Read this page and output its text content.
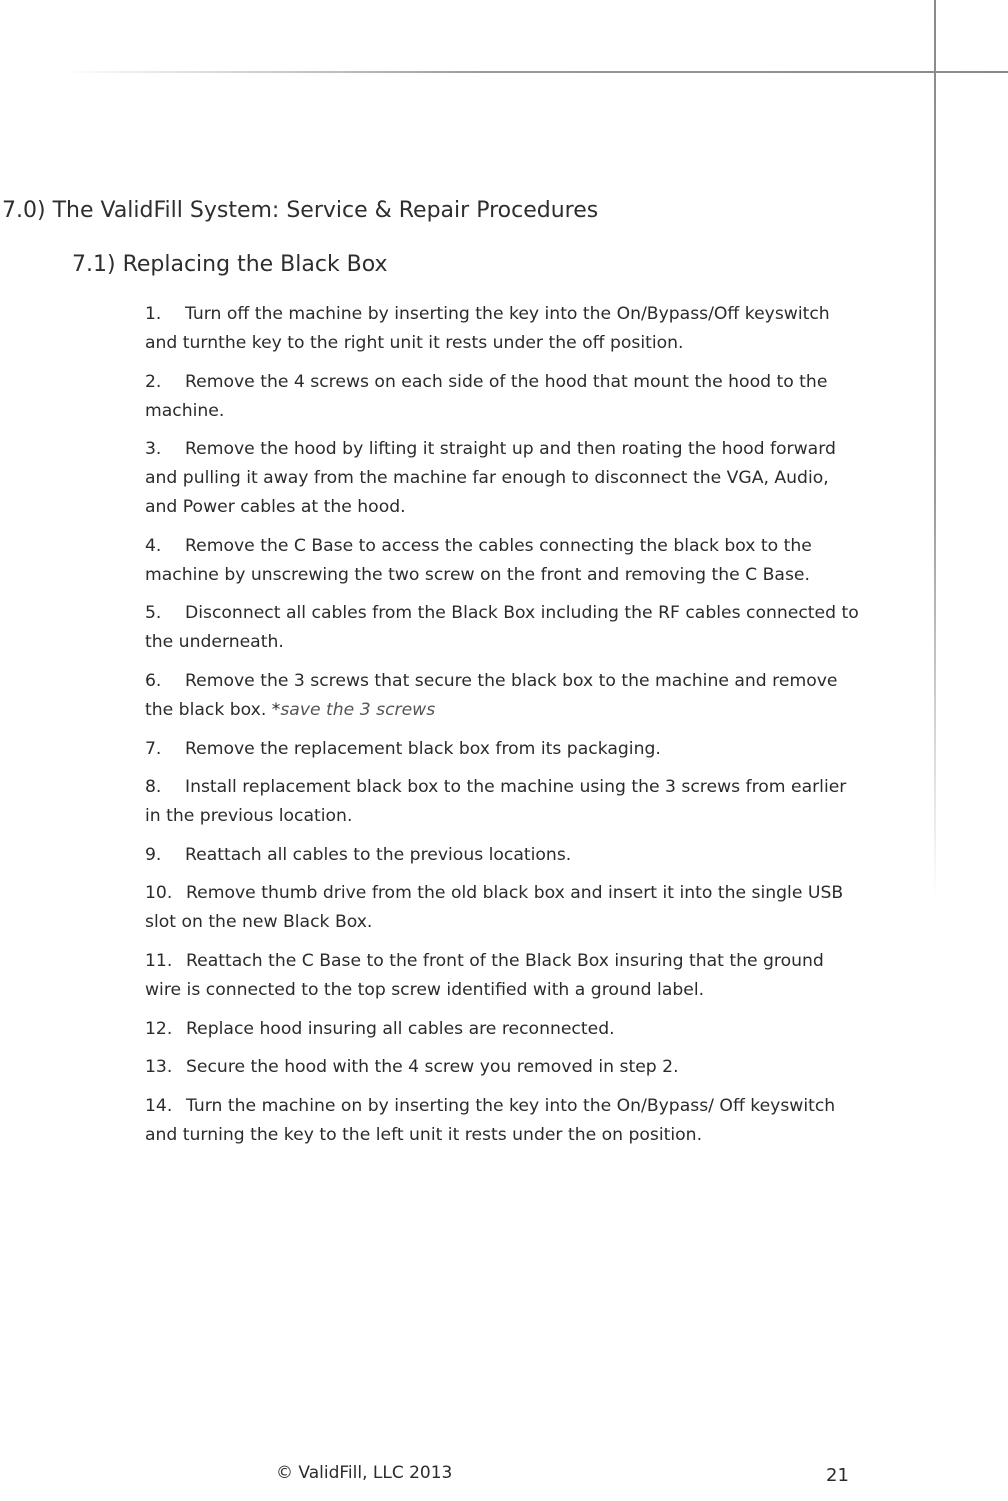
7.0) The ValidFill System: Service & Repair Procedures
7.1) Replacing the Black Box
1. Turn off the machine by inserting the key into the On/Bypass/Off keyswitch and turnthe key to the right unit it rests under the off position.
2. Remove the 4 screws on each side of the hood that mount the hood to the machine.
3. Remove the hood by lifting it straight up and then roating the hood forward and pulling it away from the machine far enough to disconnect the VGA, Audio, and Power cables at the hood.
4. Remove the C Base to access the cables connecting the black box to the machine by unscrewing the two screw on the front and removing the C Base.
5. Disconnect all cables from the Black Box including the RF cables connected to the underneath.
6. Remove the 3 screws that secure the black box to the machine and remove the black box. *save the 3 screws
7. Remove the replacement black box from its packaging.
8. Install replacement black box to the machine using the 3 screws from earlier in the previous location.
9. Reattach all cables to the previous locations.
10. Remove thumb drive from the old black box and insert it into the single USB slot on the new Black Box.
11. Reattach the C Base to the front of the Black Box insuring that the ground wire is connected to the top screw identified with a ground label.
12. Replace hood insuring all cables are reconnected.
13. Secure the hood with the 4 screw you removed in step 2.
14. Turn the machine on by inserting the key into the On/Bypass/ Off keyswitch and turning the key to the left unit it rests under the on position.
© ValidFill, LLC 2013	21
